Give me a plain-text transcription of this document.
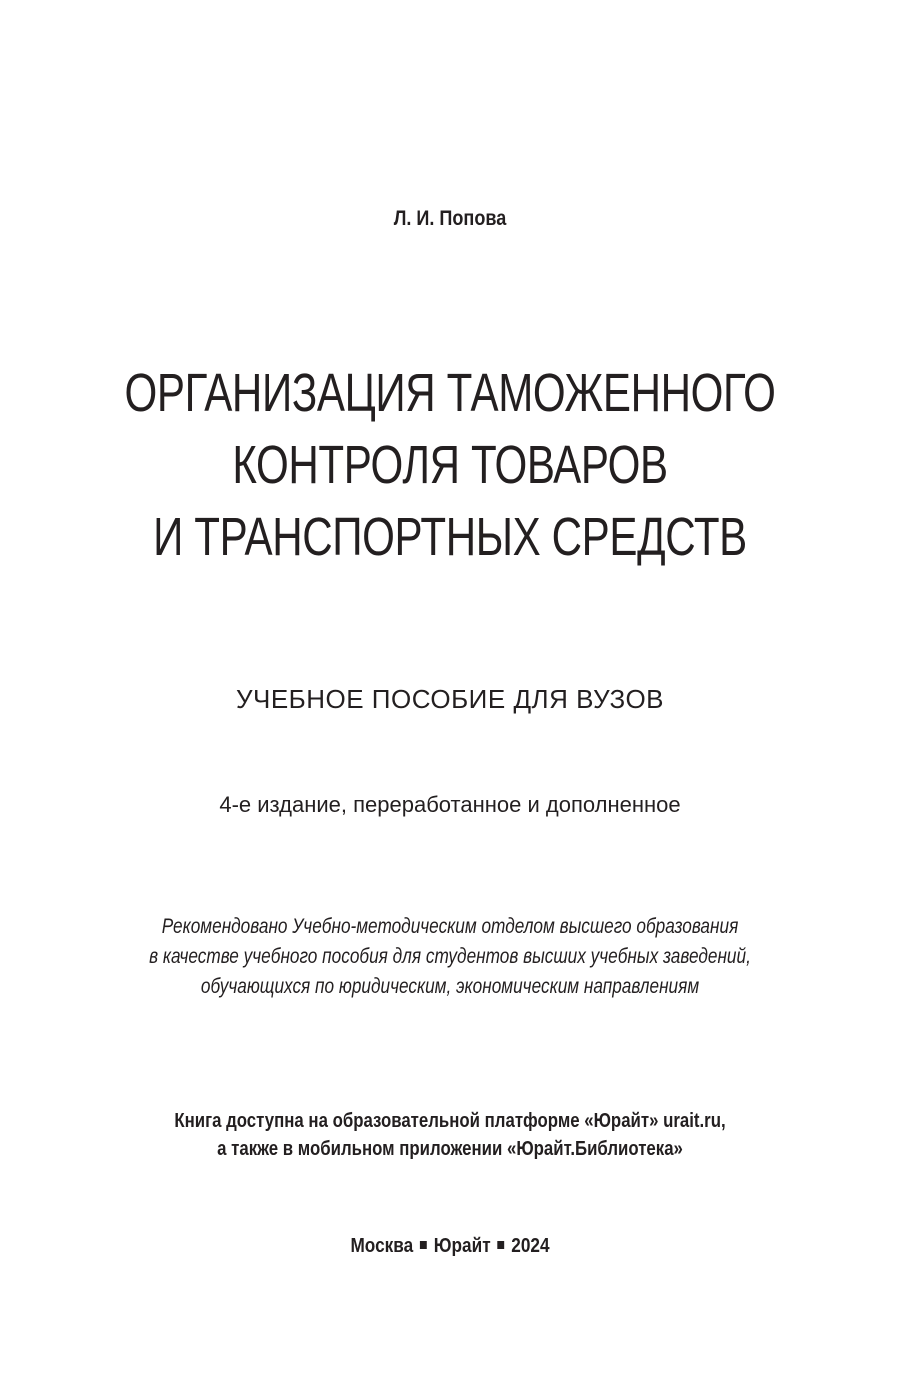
Л. И. Попова
ОРГАНИЗАЦИЯ ТАМОЖЕННОГО
КОНТРОЛЯ ТОВАРОВ
И ТРАНСПОРТНЫХ СРЕДСТВ
УЧЕБНОЕ ПОСОБИЕ ДЛЯ ВУЗОВ
4-е издание, переработанное и дополненное
Рекомендовано Учебно-методическим отделом высшего образования
в качестве учебного пособия для студентов высших учебных заведений,
обучающихся по юридическим, экономическим направлениям
Книга доступна на образовательной платформе «Юрайт» urait.ru,
а также в мобильном приложении «Юрайт.Библиотека»
Москва Юрайт 2024
